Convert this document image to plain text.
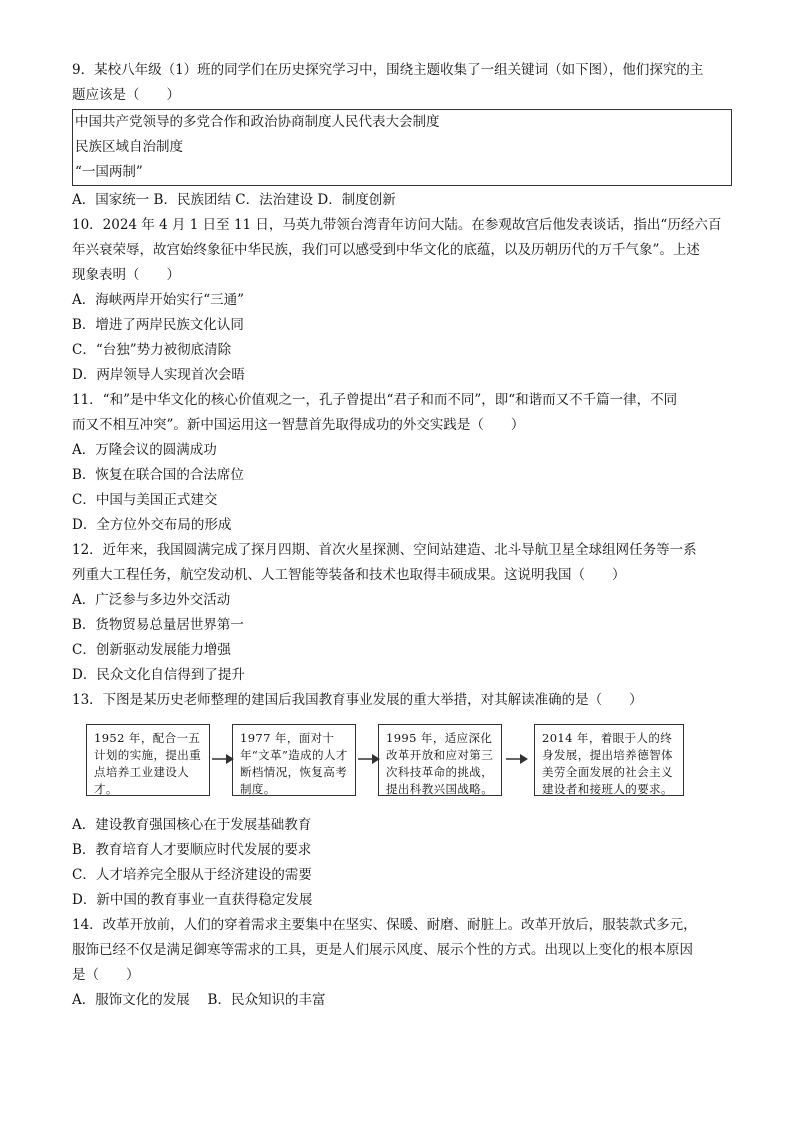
9．某校八年级（1）班的同学们在历史探究学习中，围绕主题收集了一组关键词（如下图），他们探究的主
题应该是（　　）
中国共产党领导的多党合作和政治协商制度人民代表大会制度
民族区域自治制度
“一国两制”
A．国家统一 B．民族团结 C．法治建设 D．制度创新
10．2024 年 4 月 1 日至 11 日，马英九带领台湾青年访问大陆。在参观故宫后他发表谈话，指出“历经六百
年兴衰荣辱，故宫始终象征中华民族，我们可以感受到中华文化的底蕴，以及历朝历代的万千气象”。上述
现象表明（　　）
A．海峡两岸开始实行“三通”
B．增进了两岸民族文化认同
C．“台独”势力被彻底清除
D．两岸领导人实现首次会晤
11．“和”是中华文化的核心价值观之一，孔子曾提出“君子和而不同”，即“和谐而又不千篇一律，不同
而又不相互冲突”。新中国运用这一智慧首先取得成功的外交实践是（　　）
A．万隆会议的圆满成功
B．恢复在联合国的合法席位
C．中国与美国正式建交
D．全方位外交布局的形成
12．近年来，我国圆满完成了探月四期、首次火星探测、空间站建造、北斗导航卫星全球组网任务等一系
列重大工程任务，航空发动机、人工智能等装备和技术也取得丰硕成果。这说明我国（　　）
A．广泛参与多边外交活动
B．货物贸易总量居世界第一
C．创新驱动发展能力增强
D．民众文化自信得到了提升
13．下图是某历史老师整理的建国后我国教育事业发展的重大举措，对其解读准确的是（　　）
1952 年，配合一五计划的实施，提出重点培养工业建设人才。
1977 年，面对十年“文革”造成的人才断档情况，恢复高考制度。
1995 年，适应深化改革开放和应对第三次科技革命的挑战，提出科教兴国战略。
2014 年，着眼于人的终身发展，提出培养德智体美劳全面发展的社会主义建设者和接班人的要求。
A．建设教育强国核心在于发展基础教育
B．教育培育人才要顺应时代发展的要求
C．人才培养完全服从于经济建设的需要
D．新中国的教育事业一直获得稳定发展
14．改革开放前，人们的穿着需求主要集中在坚实、保暖、耐磨、耐脏上。改革开放后，服装款式多元，
服饰已经不仅是满足御寒等需求的工具，更是人们展示风度、展示个性的方式。出现以上变化的根本原因
是（　　）
A．服饰文化的发展　 B．民众知识的丰富
